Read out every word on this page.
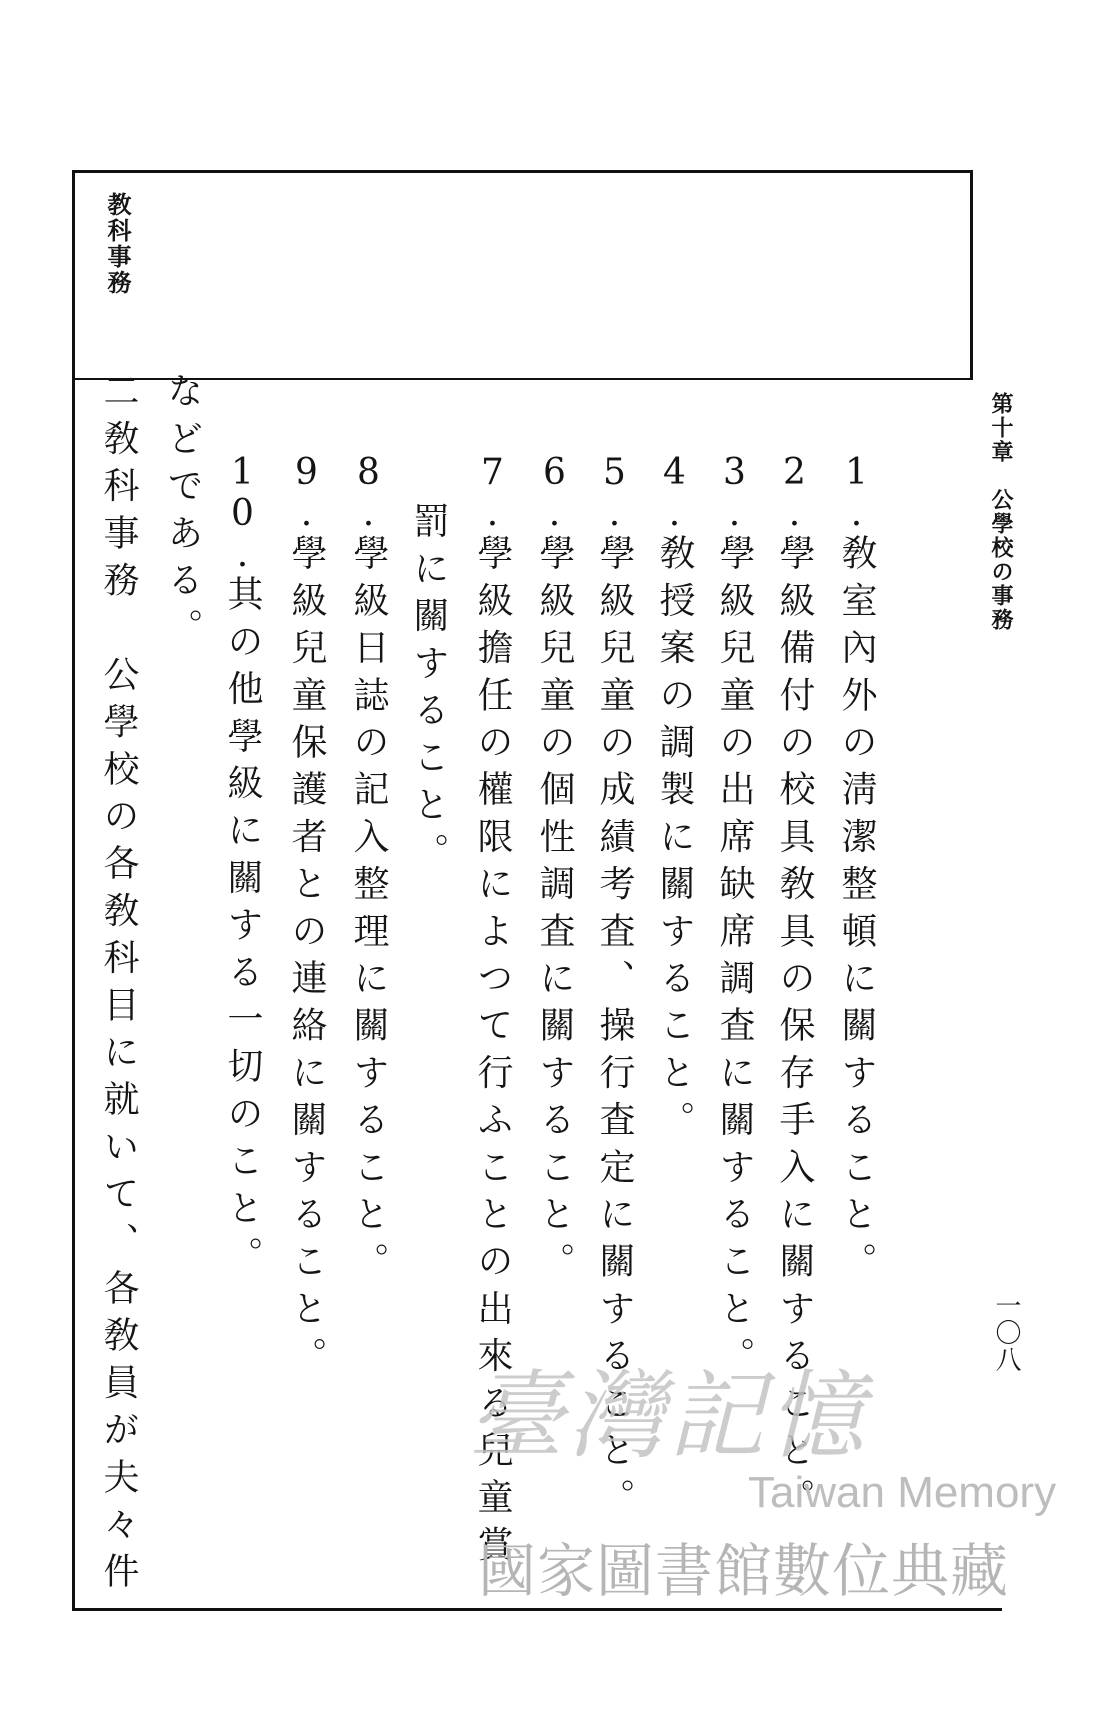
教科事務
第十章　公學校の事務
一〇八
1.敎室內外の淸潔整頓に關すること。
2.學級備付の校具敎具の保存手入に關すること。
3.學級兒童の出席缺席調査に關すること。
4.敎授案の調製に關すること。
5.學級兒童の成績考査、操行査定に關すること。
6.學級兒童の個性調査に關すること。
7.學級擔任の權限によつて行ふことの出來る兒童賞
罰に關すること。
8.學級日誌の記入整理に關すること。
9.學級兒童保護者との連絡に關すること。
10.其の他學級に關する一切のこと。
などである。
二敎科事務　公學校の各敎科目に就いて、各敎員が夫々件	臺灣記憶
Taiwan Memory
國家圖書館數位典藏
